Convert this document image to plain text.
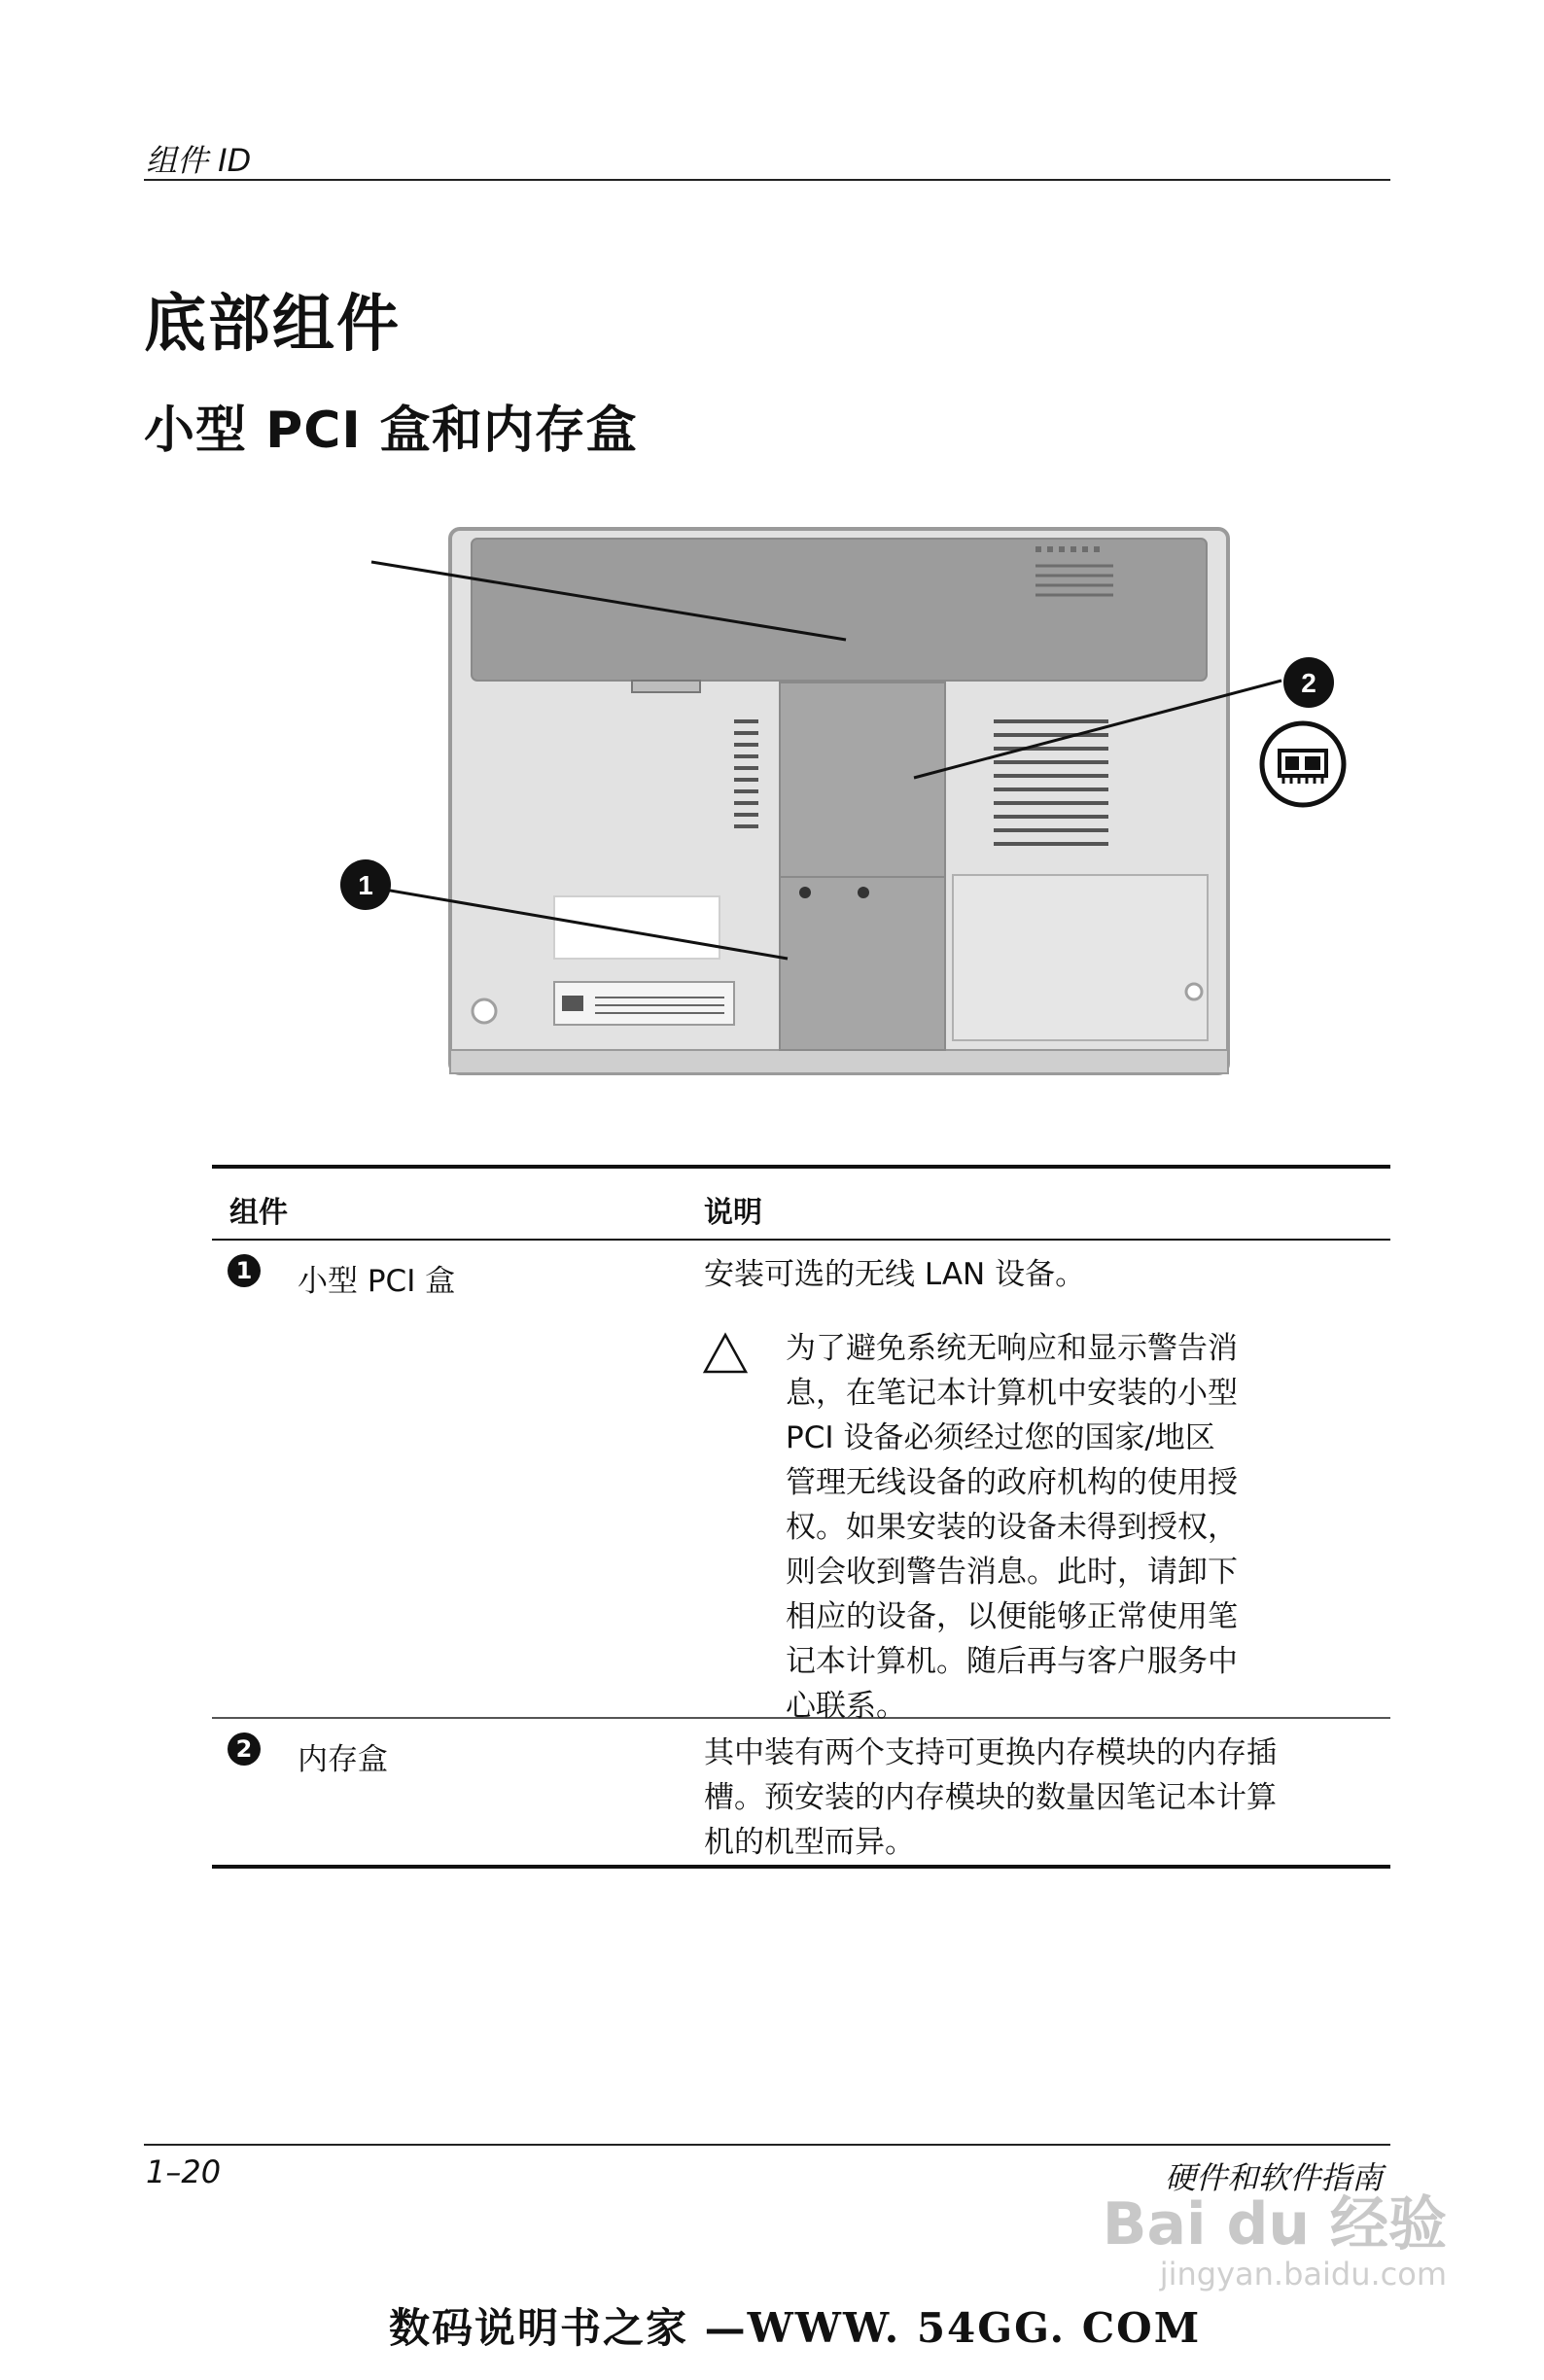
组件 ID
底部组件
小型 PCI 盒和内存盒
1
2
组件	说明
1 小型 PCI 盒	安装可选的无线 LAN 设备。
为了避免系统无响应和显示警告消
息，在笔记本计算机中安装的小型
PCI 设备必须经过您的国家/地区
管理无线设备的政府机构的使用授
权。如果安装的设备未得到授权，
则会收到警告消息。此时，请卸下
相应的设备，以便能够正常使用笔
记本计算机。随后再与客户服务中
心联系。
2 内存盒	其中装有两个支持可更换内存模块的内存插
槽。预安装的内存模块的数量因笔记本计算
机的机型而异。
1–20	硬件和软件指南
Bai du 经验
jingyan.baidu.com
数码说明书之家 —WWW. 54GG. COM
